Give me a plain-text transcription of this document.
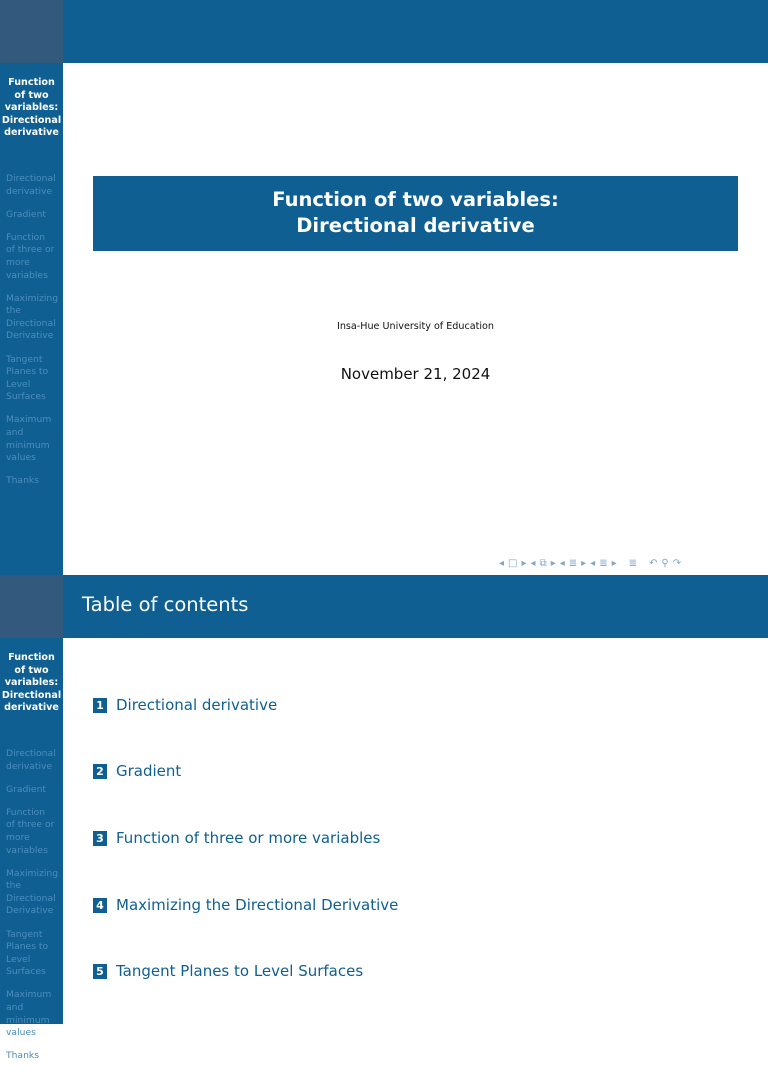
Function
of two
variables:
Directional
derivative
Directional
derivative
Gradient
Function
of three or
more
variables
Maximizing
the
Directional
Derivative
Tangent
Planes to
Level
Surfaces
Maximum
and
minimum
values
Thanks
Function of two variables:
Directional derivative
Insa-Hue University of Education
November 21, 2024
◂ □ ▸ ◂ ⧉ ▸ ◂ ≣ ▸ ◂ ≣ ▸ ≣ ↶ ⚲ ↷
Function
of two
variables:
Directional
derivative
Directional
derivative
Gradient
Function
of three or
more
variables
Maximizing
the
Directional
Derivative
Tangent
Planes to
Level
Surfaces
Maximum
and
minimum
values
Thanks
Table of contents
1 Directional derivative
2 Gradient
3 Function of three or more variables
4 Maximizing the Directional Derivative
5 Tangent Planes to Level Surfaces
